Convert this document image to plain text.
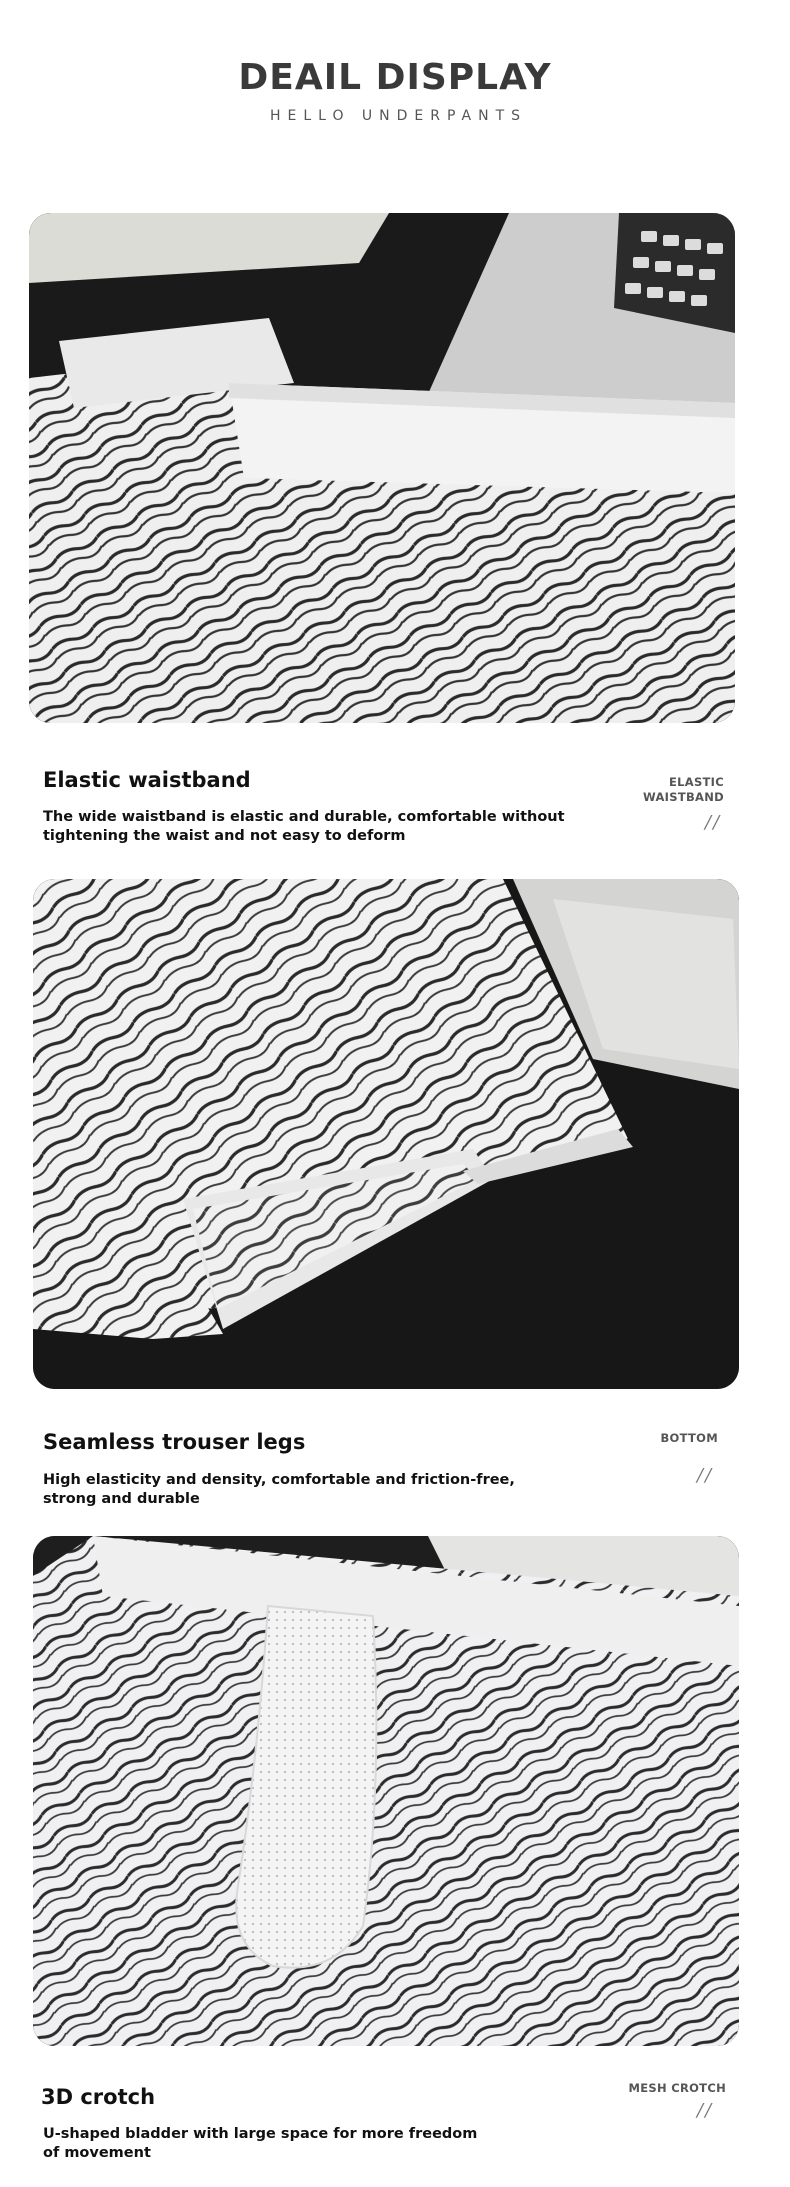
DEAIL DISPLAY
HELLO UNDERPANTS
Elastic waistband
The wide waistband is elastic and durable, comfortable without
tightening the waist and not easy to deform
ELASTIC
WAISTBAND
//
Seamless trouser legs
High elasticity and density, comfortable and friction-free,
strong and durable
BOTTOM
//
3D crotch
U-shaped bladder with large space for more freedom
of movement
MESH CROTCH
//
